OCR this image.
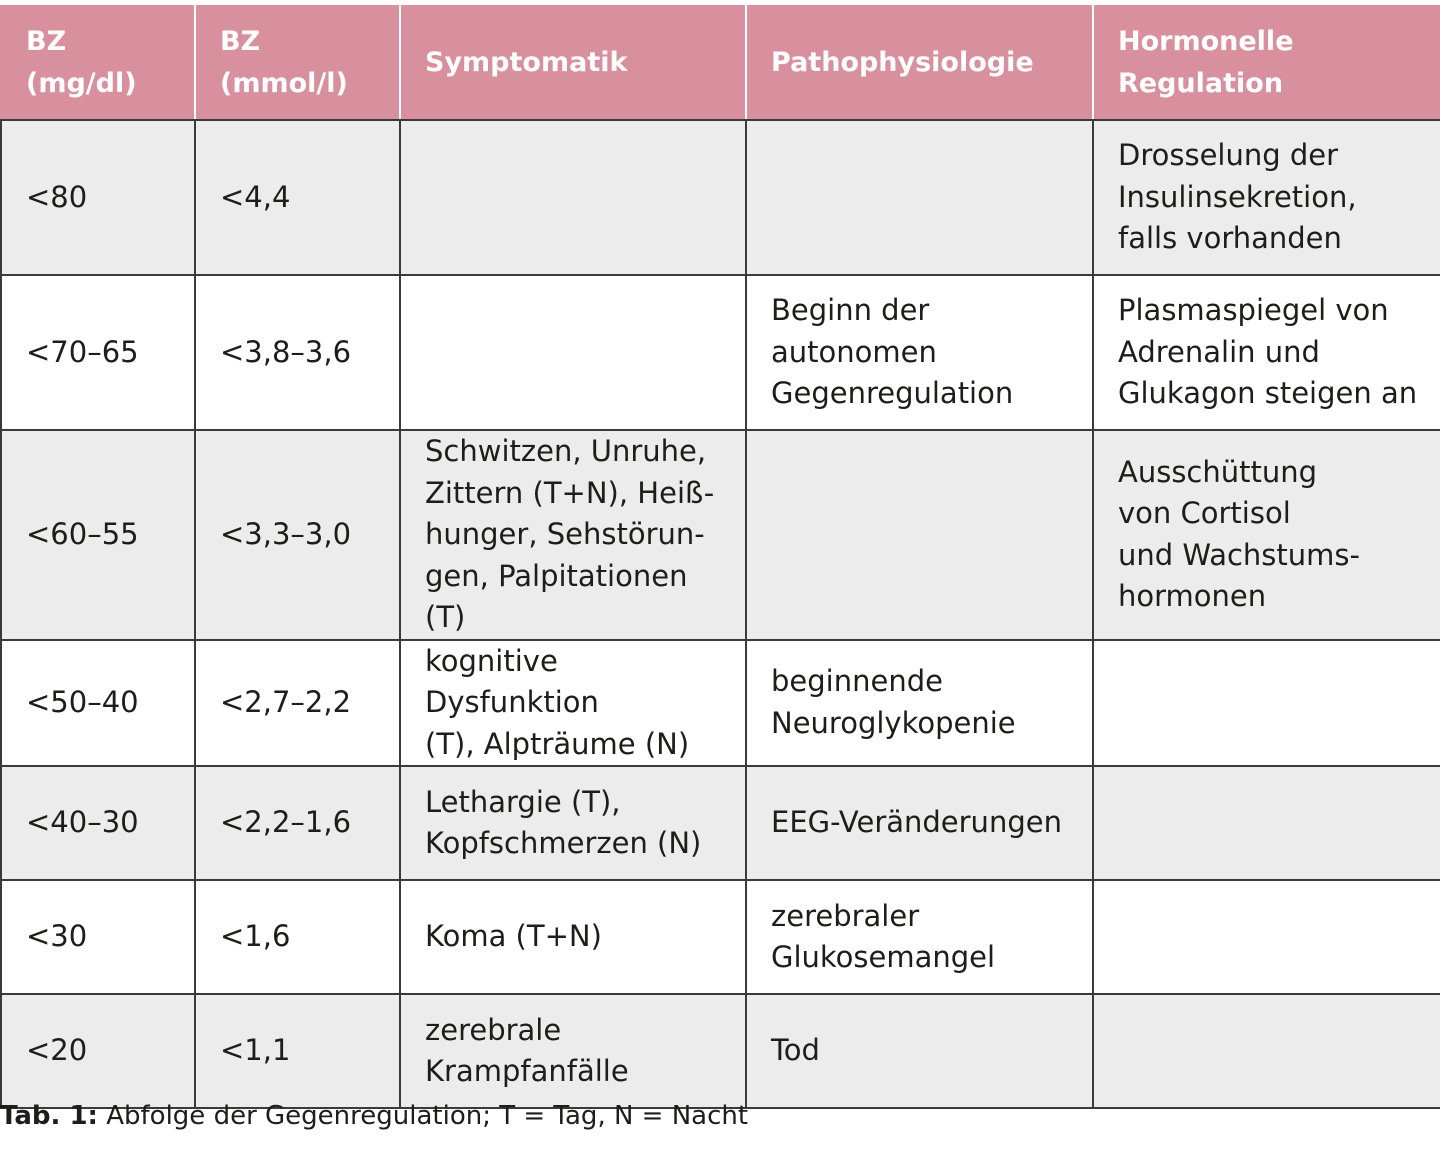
BZ (mg/dl)	BZ (mmol/l)	Symptomatik	Pathophysiologie	Hormonelle
Regulation
<80	<4,4			Drosselung der
Insulinsekretion,
falls vorhanden
<70–65	<3,8–3,6		Beginn der
autonomen
Gegenregulation	Plasmaspiegel von
Adrenalin und
Glukagon steigen an
<60–55	<3,3–3,0	Schwitzen, Unruhe,
Zittern (T+N), Heiß-
hunger, Sehstörun-
gen, Palpitationen (T)		Ausschüttung
von Cortisol
und Wachstums-
hormonen
<50–40	<2,7–2,2	kognitive Dysfunktion
(T), Alpträume (N)	beginnende
Neuroglykopenie	
<40–30	<2,2–1,6	Lethargie (T),
Kopfschmerzen (N)	EEG-Veränderungen	
<30	<1,6	Koma (T+N)	zerebraler
Glukosemangel	
<20	<1,1	zerebrale
Krampfanfälle	Tod	
Tab. 1: Abfolge der Gegenregulation; T = Tag, N = Nacht
